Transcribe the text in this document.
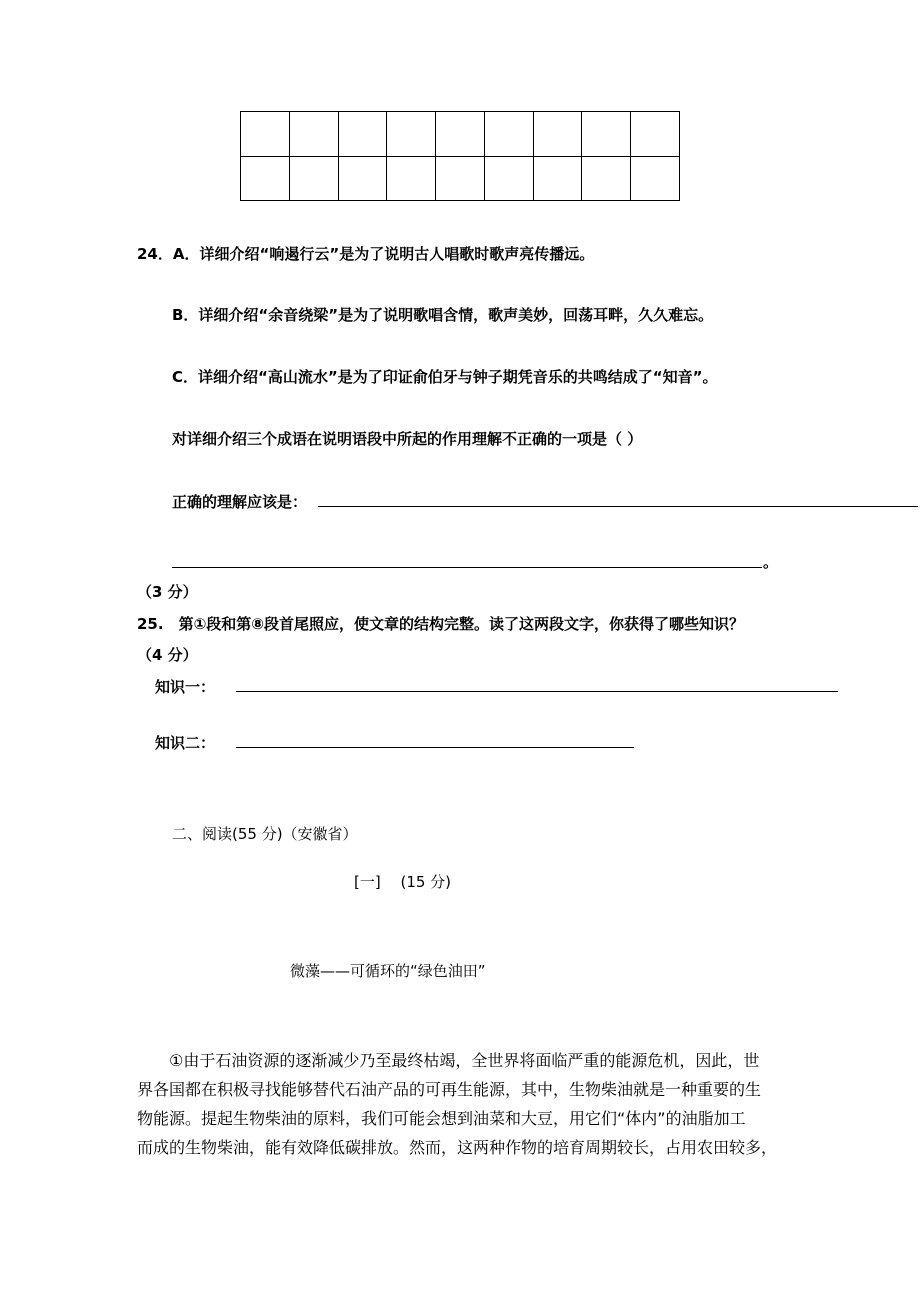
24．A．详细介绍“响遏行云”是为了说明古人唱歌时歌声亮传播远。
B．详细介绍“余音绕梁”是为了说明歌唱含情，歌声美妙，回荡耳畔，久久难忘。
C．详细介绍“高山流水”是为了印证俞伯牙与钟子期凭音乐的共鸣结成了“知音”。
对详细介绍三个成语在说明语段中所起的作用理解不正确的一项是（ ）
正确的理解应该是：
。
（3 分）
25.　第①段和第⑧段首尾照应，使文章的结构完整。读了这两段文字，你获得了哪些知识？
（4 分）
知识一：
知识二：
二、阅读(55 分)（安徽省）
[一]　 (15 分)
微藻——可循环的“绿色油田”
　　①由于石油资源的逐渐减少乃至最终枯竭，全世界将面临严重的能源危机，因此，世
界各国都在积极寻找能够替代石油产品的可再生能源，其中，生物柴油就是一种重要的生
物能源。提起生物柴油的原料，我们可能会想到油菜和大豆，用它们“体内”的油脂加工
而成的生物柴油，能有效降低碳排放。然而，这两种作物的培育周期较长，占用农田较多，
